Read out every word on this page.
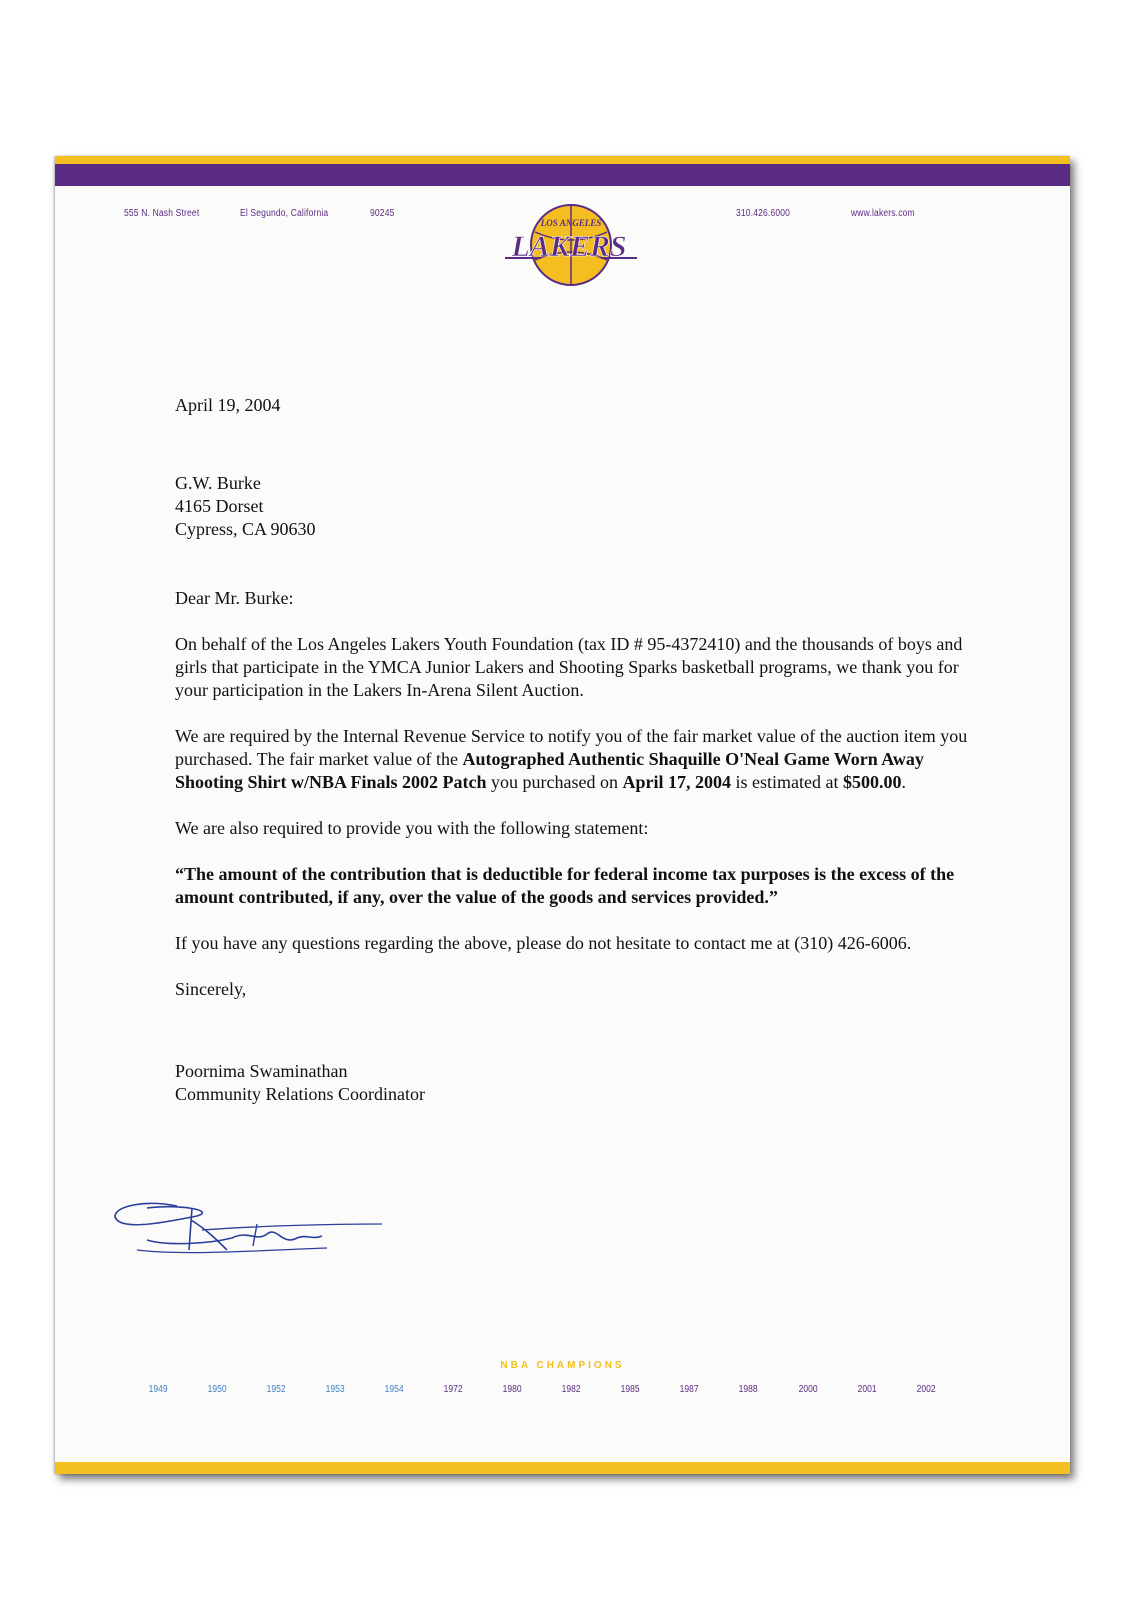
555 N. Nash Street	El Segundo, California	90245	310.426.6000	www.lakers.com
LOS ANGELES
LAKERS

April 19, 2004

G.W. Burke

4165 Dorset

Cypress, CA 90630

Dear Mr. Burke:

On behalf of the Los Angeles Lakers Youth Foundation (tax ID # 95-4372410) and the thousands of boys and girls that participate in the YMCA Junior Lakers and Shooting Sparks basketball programs, we thank you for your participation in the Lakers In-Arena Silent Auction.

We are required by the Internal Revenue Service to notify you of the fair market value of the auction item you purchased. The fair market value of the Autographed Authentic Shaquille O'Neal Game Worn Away Shooting Shirt w/NBA Finals 2002 Patch you purchased on April 17, 2004 is estimated at $500.00.

We are also required to provide you with the following statement:

“The amount of the contribution that is deductible for federal income tax purposes is the excess of the amount contributed, if any, over the value of the goods and services provided.”

If you have any questions regarding the above, please do not hesitate to contact me at (310) 426-6006.

Sincerely,

Poornima Swaminathan

Community Relations Coordinator

NBA CHAMPIONS
1949	1950	1952	1953	1954	1972	1980	1982	1985	1987	1988	2000	2001	2002
